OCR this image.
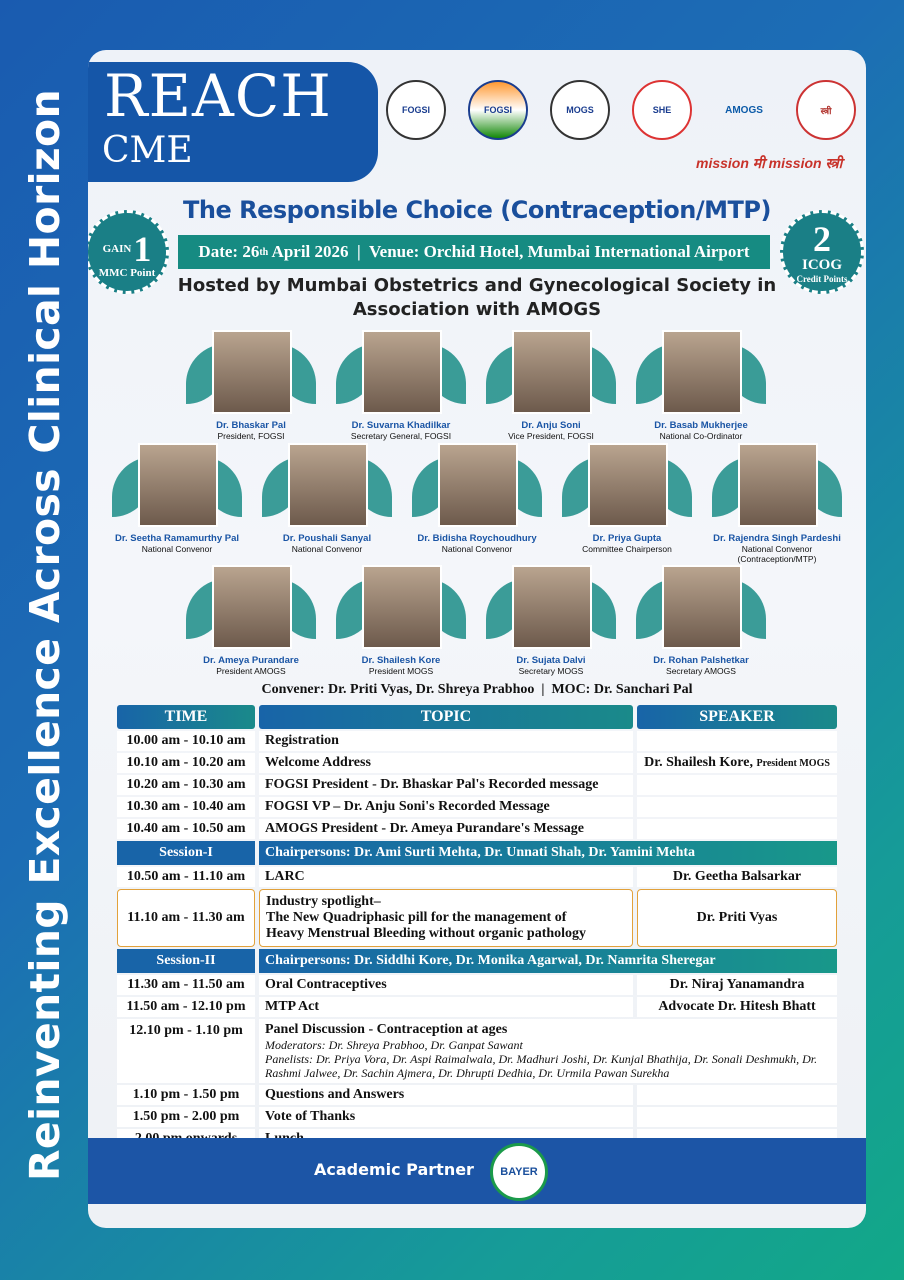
Reinventing Excellence Across Clinical Horizon REACH
CME
FOGSI	FOGSI	MOGS	SHE	AMOGS	स्त्री
mission मी mission स्त्री
The Responsible Choice (Contraception/MTP)
GAIN 1
MMC Point
Date: 26 th April 2026  |  Venue: Orchid Hotel, Mumbai International Airport	2
ICOG
Credit Points
Hosted by Mumbai Obstetrics and Gynecological Society in Association with AMOGS
Dr. Bhaskar Pal
President, FOGSI
Dr. Suvarna Khadilkar
Secretary General, FOGSI
Dr. Anju Soni
Vice President, FOGSI
Dr. Basab Mukherjee
National Co-Ordinator
Dr. Seetha Ramamurthy Pal
National Convenor
Dr. Poushali Sanyal
National Convenor
Dr. Bidisha Roychoudhury
National Convenor
Dr. Priya Gupta
Committee Chairperson
Dr. Rajendra Singh Pardeshi
National Convenor (Contraception/MTP)
Dr. Ameya Purandare
President AMOGS
Dr. Shailesh Kore
President MOGS
Dr. Sujata Dalvi
Secretary MOGS
Dr. Rohan Palshetkar
Secretary AMOGS
Convener: Dr. Priti Vyas, Dr. Shreya Prabhoo  |  MOC: Dr. Sanchari Pal
TIME	TOPIC	SPEAKER
10.00 am - 10.10 am	Registration	
10.10 am - 10.20 am	Welcome Address	Dr. Shailesh Kore, President MOGS
10.20 am - 10.30 am	FOGSI President - Dr. Bhaskar Pal's Recorded message	
10.30 am - 10.40 am	FOGSI VP – Dr. Anju Soni's Recorded Message	
10.40 am - 10.50 am	AMOGS President - Dr. Ameya Purandare's Message	
Session-I	Chairpersons: Dr. Ami Surti Mehta, Dr. Unnati Shah, Dr. Yamini Mehta	
10.50 am - 11.10 am	LARC	Dr. Geetha Balsarkar
11.10 am - 11.30 am	Industry spotlight–
The New Quadriphasic pill for the management of
Heavy Menstrual Bleeding without organic pathology	Dr. Priti Vyas
Session-II	Chairpersons: Dr. Siddhi Kore, Dr. Monika Agarwal, Dr. Namrita Sheregar	
11.30 am - 11.50 am	Oral Contraceptives	Dr. Niraj Yanamandra
11.50 am - 12.10 pm	MTP Act	Advocate Dr. Hitesh Bhatt
12.10 pm - 1.10 pm	Panel Discussion - Contraception at ages
Moderators: Dr. Shreya Prabhoo, Dr. Ganpat Sawant
Panelists: Dr. Priya Vora, Dr. Aspi Raimalwala, Dr. Madhuri Joshi, Dr. Kunjal Bhathija, Dr. Sonali Deshmukh, Dr. Rashmi Jalwee, Dr. Sachin Ajmera, Dr. Dhrupti Dedhia, Dr. Urmila Pawan Surekha	

1.10 pm - 1.50 pm	Questions and Answers	
1.50 pm - 2.00 pm	Vote of Thanks	

Academic Partner	BAYER
